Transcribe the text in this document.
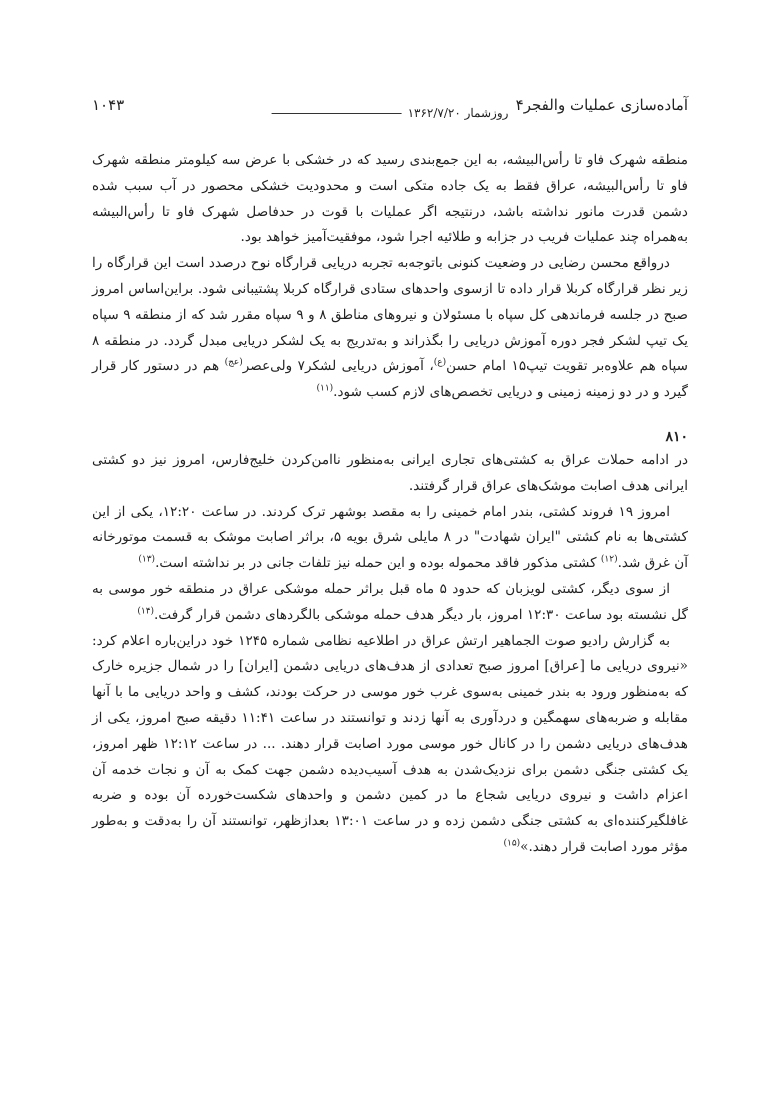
آماده‌سازی عملیات والفجر۴
روزشمار ۱۳۶۲/۷/۲۰
۱۰۴۳

منطقه شهرک فاو تا رأس‌البیشه، به این جمع‌بندی رسید که در خشکی با عرض سه کیلومتر منطقه شهرک فاو تا رأس‌البیشه، عراق فقط به یک جاده متکی است و محدودیت خشکی محصور در آب سبب شده دشمن قدرت مانور نداشته باشد، درنتیجه اگر عملیات با قوت در حدفاصل شهرک فاو تا رأس‌البیشه به‌همراه چند عملیات فریب در جزابه و طلائیه اجرا شود، موفقیت‌آمیز خواهد بود.

درواقع محسن رضایی در وضعیت کنونی باتوجه‌به تجربه دریایی قرارگاه نوح درصدد است این قرارگاه را زیر نظر قرارگاه کربلا قرار داده تا ازسوی واحدهای ستادی قرارگاه کربلا پشتیبانی شود. براین‌اساس امروز صبح در جلسه فرماندهی کل سپاه با مسئولان و نیروهای مناطق ۸ و ۹ سپاه مقرر شد که از منطقه ۹ سپاه یک تیپ لشکر فجر دوره آموزش دریایی را بگذراند و به‌تدریج به یک لشکر دریایی مبدل گردد. در منطقه ۸ سپاه هم علاوه‌بر تقویت تیپ۱۵ امام حسن$^{(ع)}$، آموزش دریایی لشکر۷ ولی‌عصر$^{(عج)}$ هم در دستور کار قرار گیرد و در دو زمینه زمینی و دریایی تخصص‌های لازم کسب شود.$^{(۱۱)}$

۸۱۰

در ادامه حملات عراق به کشتی‌های تجاری ایرانی به‌منظور ناامن‌کردن خلیج‌فارس، امروز نیز دو کشتی ایرانی هدف اصابت موشک‌های عراق قرار گرفتند.

امروز ۱۹ فروند کشتی، بندر امام خمینی را به مقصد بوشهر ترک کردند. در ساعت ۱۲:۲۰، یکی از این کشتی‌ها به نام کشتی "ایران شهادت" در ۸ مایلی شرق بویه ۵، براثر اصابت موشک به قسمت موتورخانه آن غرق شد.$^{(۱۲)}$ کشتی مذکور فاقد محموله بوده و این حمله نیز تلفات جانی در بر نداشته است.$^{(۱۳)}$

از سوی دیگر، کشتی لویزبان که حدود ۵ ماه قبل براثر حمله موشکی عراق در منطقه خور موسی به گل نشسته بود ساعت ۱۲:۳۰ امروز، بار دیگر هدف حمله موشکی بالگردهای دشمن قرار گرفت.$^{(۱۴)}$

به گزارش رادیو صوت الجماهیر ارتش عراق در اطلاعیه نظامی شماره ۱۲۴۵ خود دراین‌باره اعلام کرد: «نیروی دریایی ما [عراق] امروز صبح تعدادی از هدف‌های دریایی دشمن [ایران] را در شمال جزیره خارک که به‌منظور ورود به بندر خمینی به‌سوی غرب خور موسی در حرکت بودند، کشف و واحد دریایی ما با آنها مقابله و ضربه‌های سهمگین و دردآوری به آنها زدند و توانستند در ساعت ۱۱:۴۱ دقیقه صبح امروز، یکی از هدف‌های دریایی دشمن را در کانال خور موسی مورد اصابت قرار دهند. ... در ساعت ۱۲:۱۲ ظهر امروز، یک کشتی جنگی دشمن برای نزدیک‌شدن به هدف آسیب‌دیده دشمن جهت کمک به آن و نجات خدمه آن اعزام داشت و نیروی دریایی شجاع ما در کمین دشمن و واحدهای شکست‌خورده آن بوده و ضربه غافلگیرکننده‌ای به کشتی جنگی دشمن زده و در ساعت ۱۳:۰۱ بعدازظهر، توانستند آن را به‌دقت و به‌طور مؤثر مورد اصابت قرار دهند.»$^{(۱۵)}$
